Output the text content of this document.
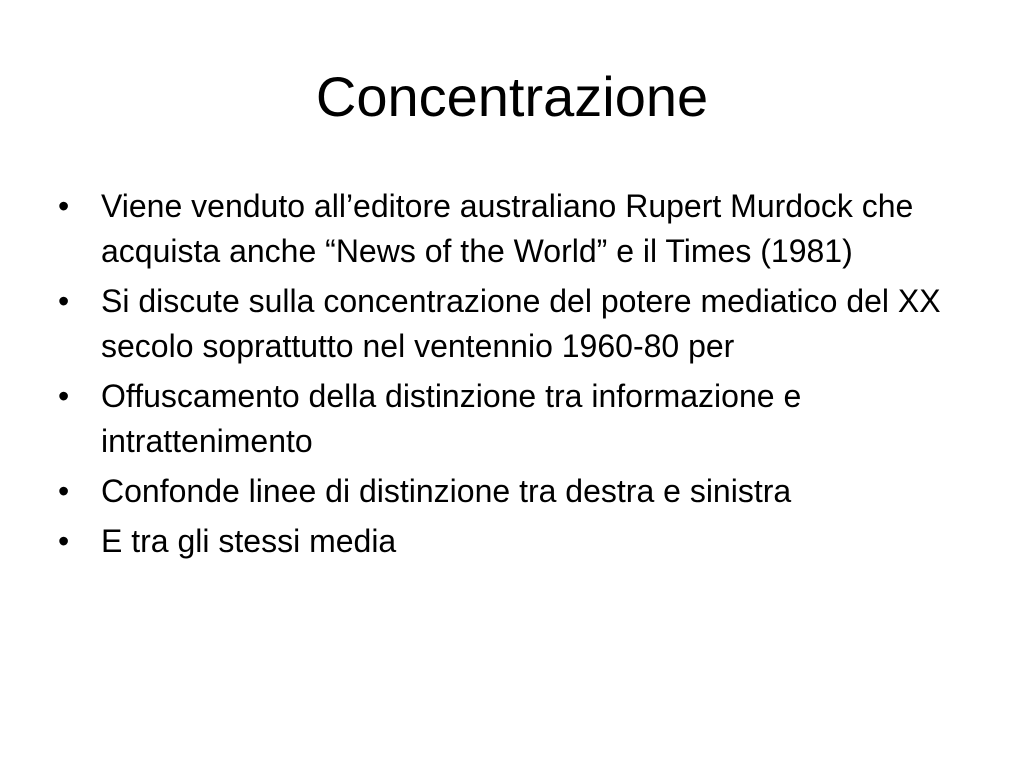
Concentrazione
• Viene venduto all’editore australiano Rupert Murdock che acquista anche “News of the World” e il Times (1981)
• Si discute sulla concentrazione del potere mediatico del XX secolo soprattutto nel ventennio 1960-80 per
• Offuscamento della distinzione tra informazione e intrattenimento
• Confonde linee di distinzione tra destra e sinistra
• E tra gli stessi media
